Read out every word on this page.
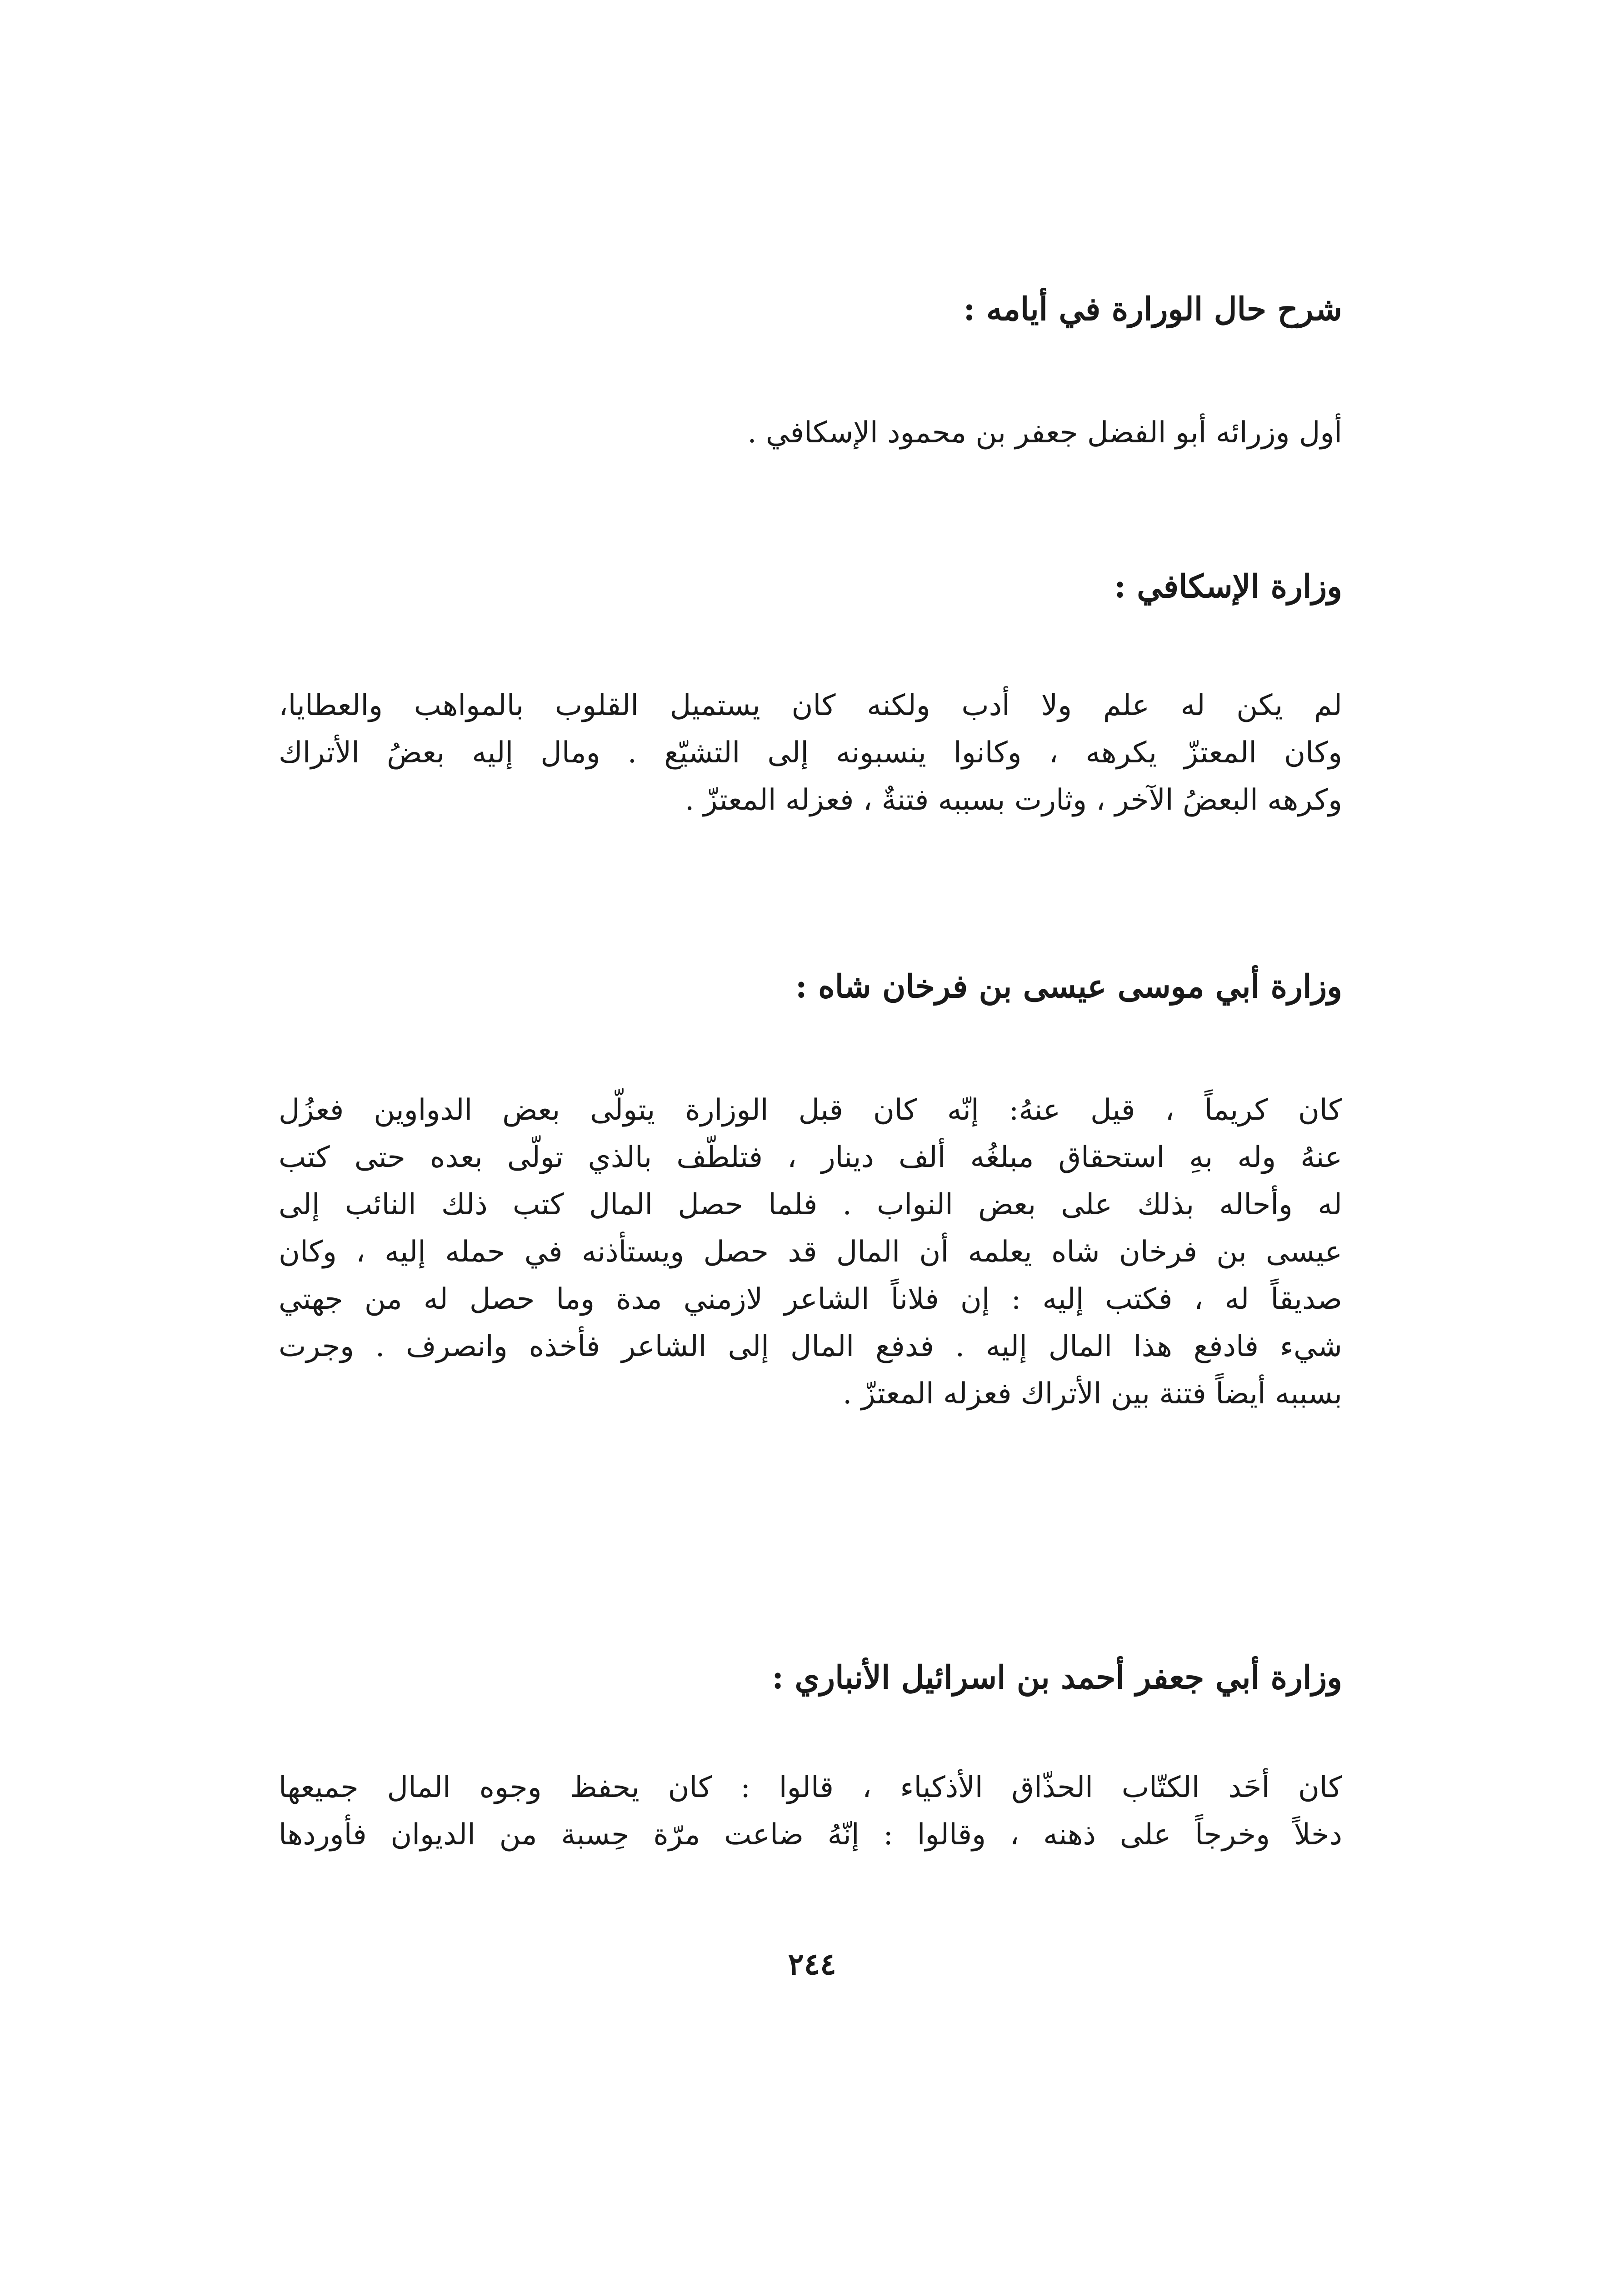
شرح حال الورارة في أيامه :
أول وزرائه أبو الفضل جعفر بن محمود الإسكافي .
وزارة الإسكافي :
لم يكن له علم ولا أدب ولكنه كان يستميل القلوب بالمواهب والعطايا،
وكان المعتزّ يكرهه ، وكانوا ينسبونه إلى التشيّع . ومال إليه بعضُ الأتراك
وكرهه البعضُ الآخر ، وثارت بسببه فتنةٌ ، فعزله المعتزّ .
وزارة أبي موسى عيسى بن فرخان شاه :
كان كريماً ، قيل عنهُ: إنّه كان قبل الوزارة يتولّى بعض الدواوين فعزُل
عنهُ وله بهِ استحقاق مبلغُه ألف دينار ، فتلطّف بالذي تولّى بعده حتى كتب
له وأحاله بذلك على بعض النواب . فلما حصل المال كتب ذلك النائب إلى
عيسى بن فرخان شاه يعلمه أن المال قد حصل ويستأذنه في حمله إليه ، وكان
صديقاً له ، فكتب إليه : إن فلاناً الشاعر لازمني مدة وما حصل له من جهتي
شيء فادفع هذا المال إليه . فدفع المال إلى الشاعر فأخذه وانصرف . وجرت
بسببه أيضاً فتنة بين الأتراك فعزله المعتزّ .
وزارة أبي جعفر أحمد بن اسرائيل الأنباري :
كان أحَد الكتّاب الحذّاق الأذكياء ، قالوا : كان يحفظ وجوه المال جميعها
دخلاً وخرجاً على ذهنه ، وقالوا : إنّهُ ضاعت مرّة حِسبة من الديوان فأوردها
٢٤٤
